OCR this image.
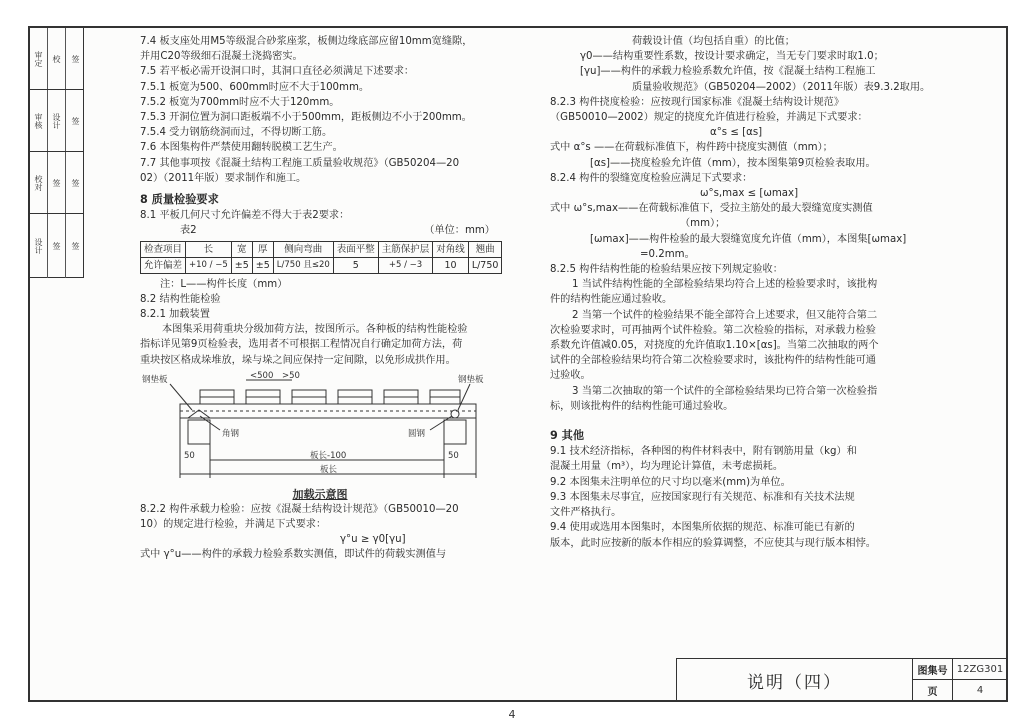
审定	校	签
审核	设计	签
校对	签	签
设计	签	签
7.4 板支座处用M5等级混合砂浆座浆，板侧边缘底部应留10mm宽缝隙，
并用C20等级细石混凝土浇捣密实。
7.5 若平板必需开设洞口时，其洞口直径必须满足下述要求：
7.5.1 板宽为500、600mm时应不大于100mm。
7.5.2 板宽为700mm时应不大于120mm。
7.5.3 开洞位置为洞口距板端不小于500mm，距板侧边不小于200mm。
7.5.4 受力钢筋绕洞而过，不得切断工筋。
7.6 本图集构件严禁使用翻转脱模工艺生产。
7.7 其他事项按《混凝土结构工程施工质量验收规范》（GB50204—20
02）（2011年版）要求制作和施工。
8 质量检验要求
8.1 平板几何尺寸允许偏差不得大于表2要求：
表2	（单位：mm）
检查项目	长	宽	厚	侧向弯曲	表面平整	主筋保护层	对角线	翘曲
允许偏差	+10 / −5	±5	±5	L/750 且≤20	5	+5 / −3	10	L/750
注：L——构件长度（mm）
8.2 结构性能检验
8.2.1 加载装置
本图集采用荷重块分级加荷方法，按图所示。各种板的结构性能检验
指标详见第9页检验表，选用者不可根据工程情况自行确定加荷方法，荷
重块按区格成垛堆放，垛与垛之间应保持一定间隙，以免形成拱作用。
钢垫板	钢垫板
角钢	圆钢
<500 >50
板长-100
板长
50	50
加载示意图
8.2.2 构件承载力检验：应按《混凝土结构设计规范》（GB50010—20
10）的规定进行检验，并满足下式要求：
γ°u ≥ γ0[γu]
式中 γ°u——构件的承载力检验系数实测值，即试件的荷载实测值与
荷载设计值（均包括自重）的比值；
γ0——结构重要性系数，按设计要求确定，当无专门要求时取1.0；
[γu]——构件的承载力检验系数允许值，按《混凝土结构工程施工
质量验收规范》（GB50204—2002）（2011年版）表9.3.2取用。
8.2.3 构件挠度检验：应按现行国家标准《混凝土结构设计规范》
（GB50010—2002）规定的挠度允许值进行检验，并满足下式要求：
α°s ≤ [αs]
式中 α°s ——在荷载标准值下，构件跨中挠度实测值（mm）；
[αs]——挠度检验允许值（mm），按本图集第9页检验表取用。
8.2.4 构件的裂缝宽度检验应满足下式要求：
ω°s,max ≤ [ωmax]
式中 ω°s,max——在荷载标准值下，受拉主筋处的最大裂缝宽度实测值
（mm）；
[ωmax]——构件检验的最大裂缝宽度允许值（mm），本图集[ωmax]
=0.2mm。
8.2.5 构件结构性能的检验结果应按下列规定验收：
1 当试件结构性能的全部检验结果均符合上述的检验要求时，该批构
件的结构性能应通过验收。
2 当第一个试件的检验结果不能全部符合上述要求，但又能符合第二
次检验要求时，可再抽两个试件检验。第二次检验的指标，对承载力检验
系数允许值减0.05，对挠度的允许值取1.10×[αs]。当第二次抽取的两个
试件的全部检验结果均符合第二次检验要求时，该批构件的结构性能可通
过验收。
3 当第二次抽取的第一个试件的全部检验结果均已符合第一次检验指
标，则该批构件的结构性能可通过验收。
9 其他
9.1 技术经济指标，各种图的构件材料表中，附有钢筋用量（kg）和
混凝土用量（m³），均为理论计算值，未考虑损耗。
9.2 本图集未注明单位的尺寸均以毫米(mm)为单位。
9.3 本图集未尽事宜，应按国家现行有关规范、标准和有关技术法规
文件严格执行。
9.4 使用或选用本图集时，本图集所依据的规范、标准可能已有新的
版本，此时应按新的版本作相应的验算调整，不应使其与现行版本相悖。
说明（四）
图集号 12ZG301
页	4
4
